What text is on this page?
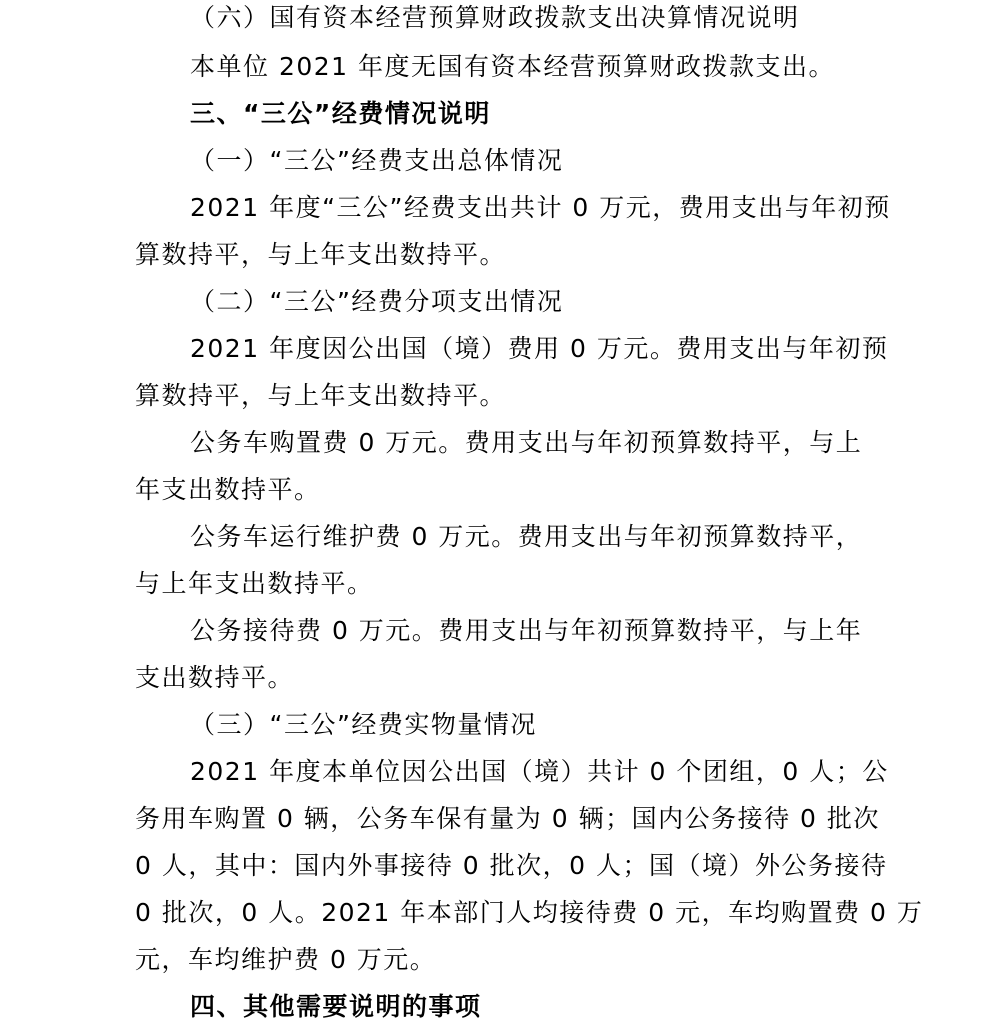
（六）国有资本经营预算财政拨款支出决算情况说明
本单位 2021 年度无国有资本经营预算财政拨款支出。
三、“三公”经费情况说明
（一）“三公”经费支出总体情况
2021 年度“三公”经费支出共计 0 万元，费用支出与年初预
算数持平，与上年支出数持平。
（二）“三公”经费分项支出情况
2021 年度因公出国（境）费用 0 万元。费用支出与年初预
算数持平，与上年支出数持平。
公务车购置费 0 万元。费用支出与年初预算数持平，与上
年支出数持平。
公务车运行维护费 0 万元。费用支出与年初预算数持平，
与上年支出数持平。
公务接待费 0 万元。费用支出与年初预算数持平，与上年
支出数持平。
（三）“三公”经费实物量情况
2021 年度本单位因公出国（境）共计 0 个团组，0 人；公
务用车购置 0 辆，公务车保有量为 0 辆；国内公务接待 0 批次
0 人，其中：国内外事接待 0 批次，0 人；国（境）外公务接待
0 批次，0 人。2021 年本部门人均接待费 0 元，车均购置费 0 万
元，车均维护费 0 万元。
四、其他需要说明的事项
